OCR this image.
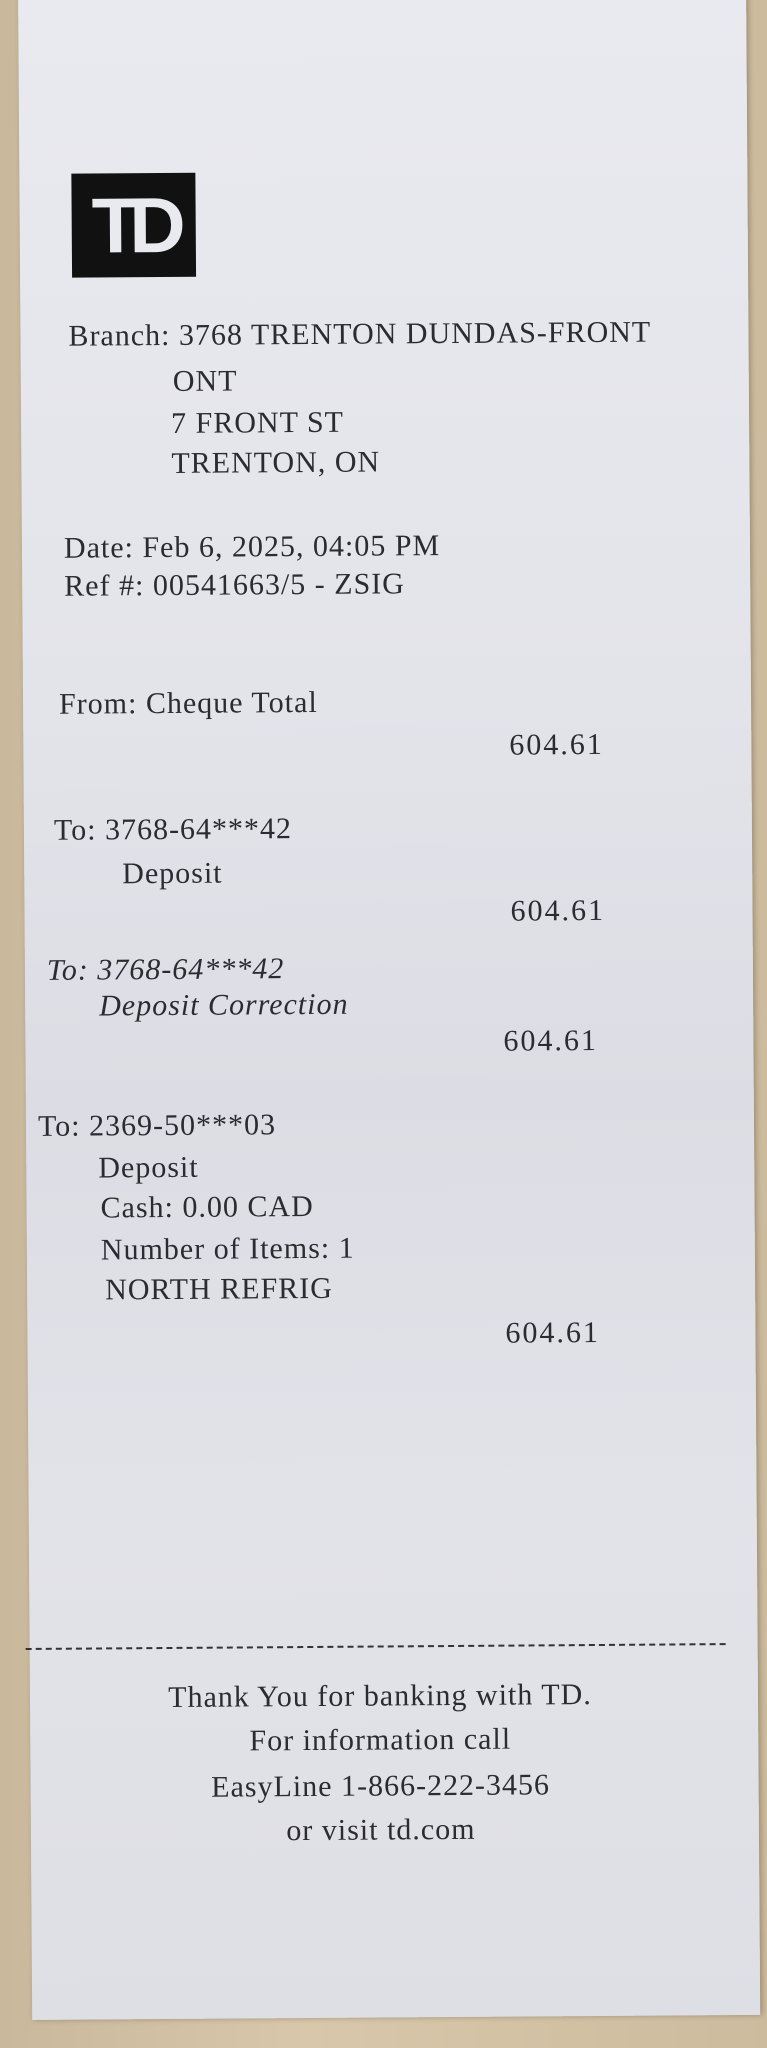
TD
Branch: 3768 TRENTON DUNDAS-FRONT
ONT
7 FRONT ST
TRENTON, ON
Date: Feb 6, 2025, 04:05 PM
Ref #: 00541663/5 - ZSIG
From: Cheque Total
604.61
To: 3768-64***42
Deposit
604.61
To: 3768-64***42
Deposit Correction
604.61
To: 2369-50***03
Deposit
Cash: 0.00 CAD
Number of Items: 1
NORTH REFRIG
604.61
Thank You for banking with TD.
For information call
EasyLine 1-866-222-3456
or visit td.com
